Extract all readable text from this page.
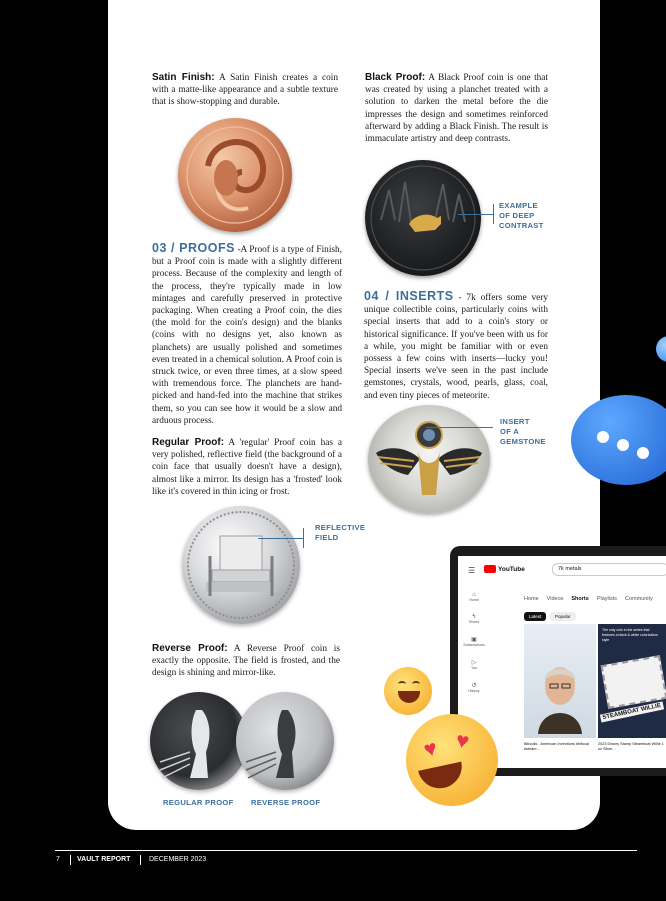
Satin Finish: A Satin Finish creates a coin with a matte-like appearance and a subtle texture that is show-stopping and durable.
03 / PROOFS -A Proof is a type of Finish, but a Proof coin is made with a slightly different process. Because of the complexity and length of the process, they're typically made in low mintages and carefully preserved in protective packaging. When creating a Proof coin, the dies (the mold for the coin's design) and the blanks (coins with no designs yet, also known as planchets) are usually polished and sometimes even treated in a chemical solution. A Proof coin is struck twice, or even three times, at a slow speed with tremendous force. The planchets are hand-picked and hand-fed into the machine that strikes them, so you can see how it would be a slow and arduous process.
Regular Proof: A 'regular' Proof coin has a very polished, reflective field (the background of a coin face that usually doesn't have a design), almost like a mirror. Its design has a 'frosted' look like it's covered in thin icing or frost.
REFLECTIVE
FIELD
Reverse Proof: A Reverse Proof coin is exactly the opposite. The field is frosted, and the design is shining and mirror-like.
REGULAR PROOF REVERSE PROOF
Black Proof: A Black Proof coin is one that was created by using a planchet treated with a solution to darken the metal before the die impresses the design and sometimes reinforced afterward by adding a Black Finish. The result is immaculate artistry and deep contrasts.
EXAMPLE
OF DEEP
CONTRAST
04 / INSERTS - 7k offers some very unique collectible coins, particularly coins with special inserts that add to a coin's story or historical significance. If you've been with us for a while, you might be familiar with or even possess a few coins with inserts—lucky you! Special inserts we've seen in the past include gemstones, crystals, wood, pearls, glass, coal, and even tiny pieces of meteorite.
INSERT
OF A
GEMSTONE
☰	YouTube	7k metals
Home Videos Shorts Playlists Community
Latest	Popular
⌂
Home
ϟ
Shorts
▣
Subscriptions
▷
You
↺
History
The only coin in the series that features a black & white colorization style
STEAMBOAT WILLIE
Bifocals - American Inventions #bifocal #steam...
2023 Disney Stamp Steamboat Willie 1 oz Silver...
♥ ♥
7 VAULT REPORT	DECEMBER 2023
